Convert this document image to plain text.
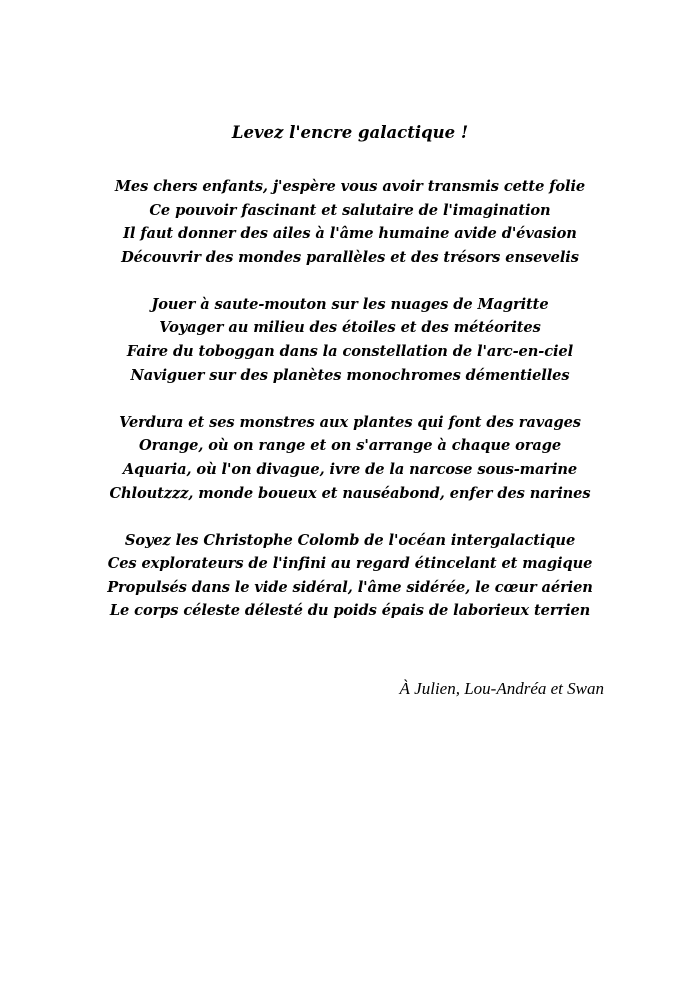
Levez l'encre galactique !
Mes chers enfants, j'espère vous avoir transmis cette folie
Ce pouvoir fascinant et salutaire de l'imagination
Il faut donner des ailes à l'âme humaine avide d'évasion
Découvrir des mondes parallèles et des trésors ensevelis
Jouer à saute-mouton sur les nuages de Magritte
Voyager au milieu des étoiles et des météorites
Faire du toboggan dans la constellation de l'arc-en-ciel
Naviguer sur des planètes monochromes démentielles
Verdura et ses monstres aux plantes qui font des ravages
Orange, où on range et on s'arrange à chaque orage
Aquaria, où l'on divague, ivre de la narcose sous-marine
Chloutzzz, monde boueux et nauséabond, enfer des narines
Soyez les Christophe Colomb de l'océan intergalactique
Ces explorateurs de l'infini au regard étincelant et magique
Propulsés dans le vide sidéral, l'âme sidérée, le cœur aérien
Le corps céleste délesté du poids épais de laborieux terrien
À Julien, Lou-Andréa et Swan
